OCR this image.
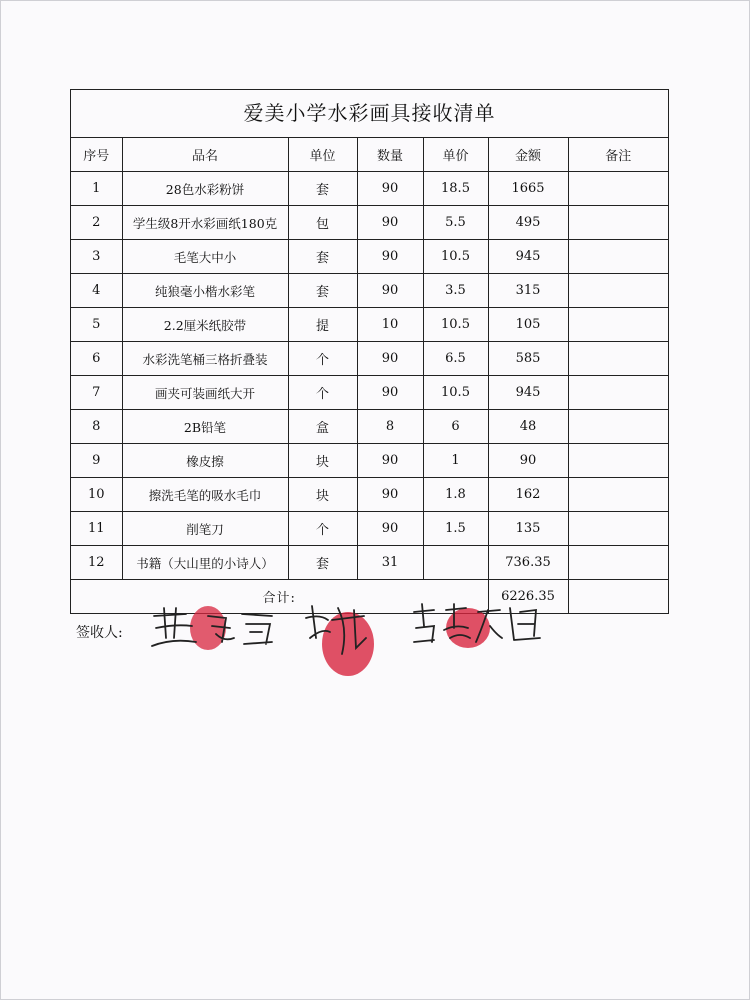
爱美小学水彩画具接收清单
序号	品名	单位	数量	单价	金额	备注
1	28色水彩粉饼	套	90	18.5	1665	
2	学生级8开水彩画纸180克	包	90	5.5	495	
3	毛笔大中小	套	90	10.5	945	
4	纯狼毫小楷水彩笔	套	90	3.5	315	
5	2.2厘米纸胶带	提	10	10.5	105	
6	水彩洗笔桶三格折叠装	个	90	6.5	585	
7	画夹可装画纸大开	个	90	10.5	945	
8	2B铅笔	盒	8	6	48	
9	橡皮擦	块	90	1	90	
10	擦洗毛笔的吸水毛巾	块	90	1.8	162	
11	削笔刀	个	90	1.5	135	
12	书籍（大山里的小诗人）	套	31		736.35	
合计:					6226.35	
签收人:
